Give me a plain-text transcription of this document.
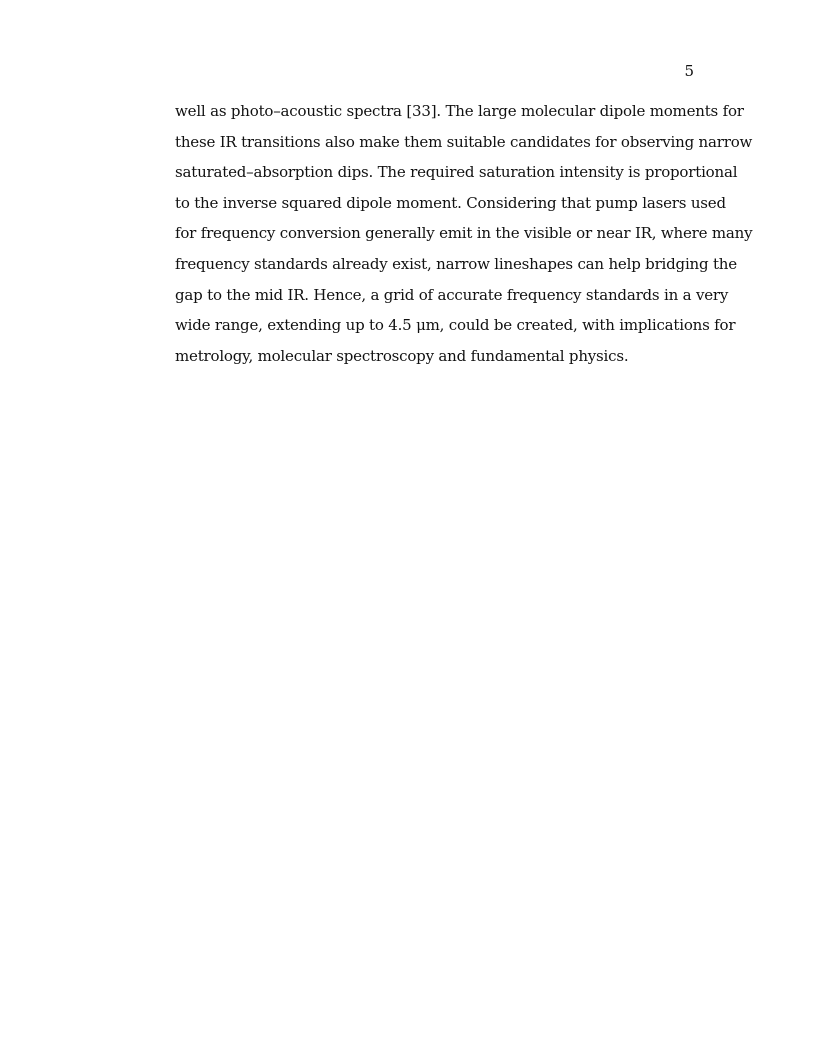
5
well as photo–acoustic spectra [33]. The large molecular dipole moments for
these IR transitions also make them suitable candidates for observing narrow
saturated–absorption dips. The required saturation intensity is proportional
to the inverse squared dipole moment. Considering that pump lasers used
for frequency conversion generally emit in the visible or near IR, where many
frequency standards already exist, narrow lineshapes can help bridging the
gap to the mid IR. Hence, a grid of accurate frequency standards in a very
wide range, extending up to 4.5 μm, could be created, with implications for
metrology, molecular spectroscopy and fundamental physics.
